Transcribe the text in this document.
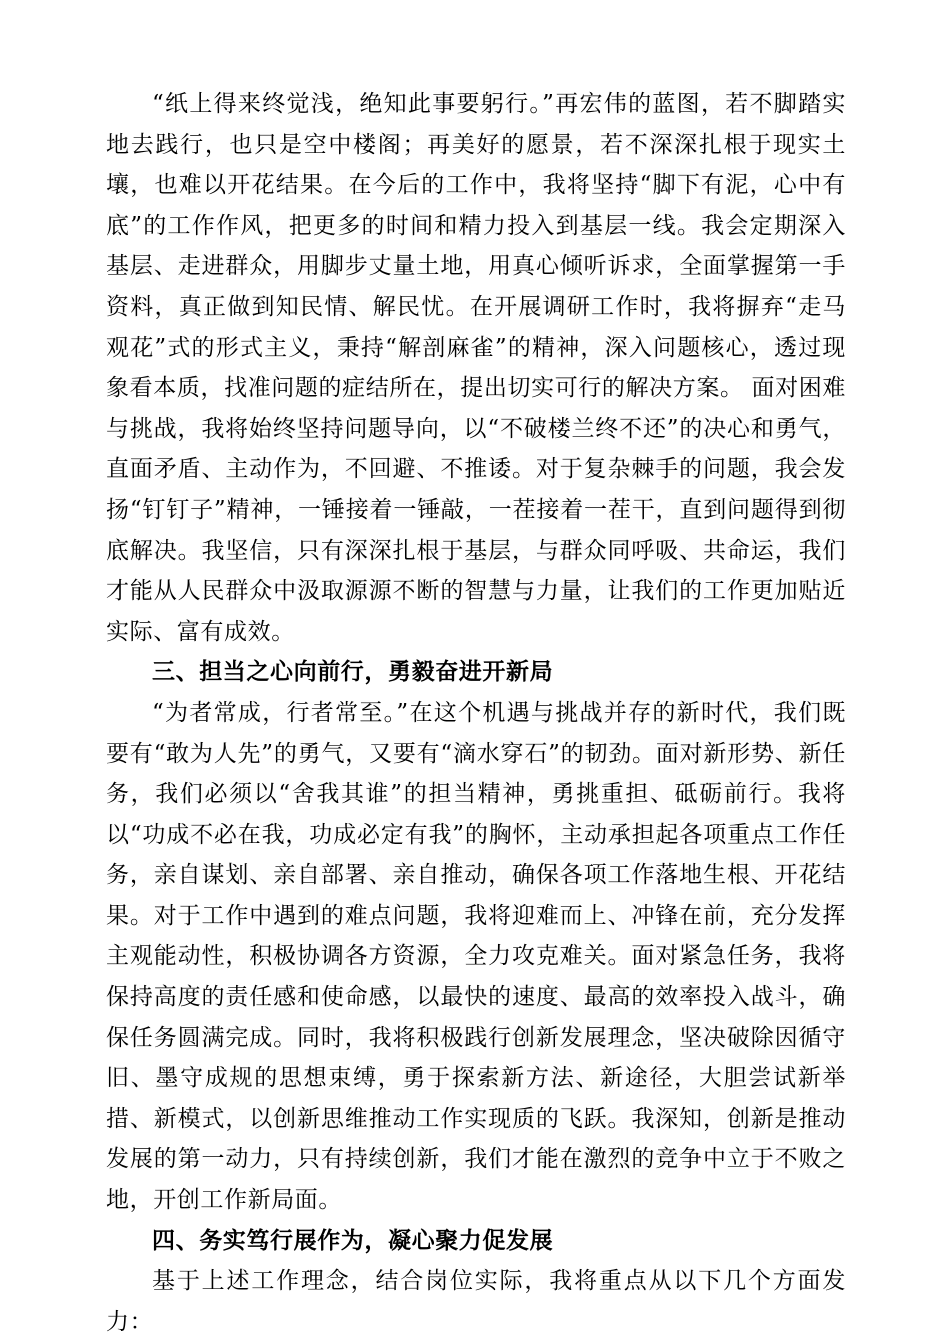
“纸上得来终觉浅，绝知此事要躬行。”再宏伟的蓝图，若不脚踏实地去践行，也只是空中楼阁；再美好的愿景，若不深深扎根于现实土壤，也难以开花结果。在今后的工作中，我将坚持“脚下有泥，心中有底”的工作作风，把更多的时间和精力投入到基层一线。我会定期深入基层、走进群众，用脚步丈量土地，用真心倾听诉求，全面掌握第一手资料，真正做到知民情、解民忧。在开展调研工作时，我将摒弃“走马观花”式的形式主义，秉持“解剖麻雀”的精神，深入问题核心，透过现象看本质，找准问题的症结所在，提出切实可行的解决方案。 面对困难与挑战，我将始终坚持问题导向，以“不破楼兰终不还”的决心和勇气，直面矛盾、主动作为，不回避、不推诿。对于复杂棘手的问题，我会发扬“钉钉子”精神，一锤接着一锤敲，一茬接着一茬干，直到问题得到彻底解决。我坚信，只有深深扎根于基层，与群众同呼吸、共命运，我们才能从人民群众中汲取源源不断的智慧与力量，让我们的工作更加贴近实际、富有成效。

三、担当之心向前行，勇毅奋进开新局

“为者常成，行者常至。”在这个机遇与挑战并存的新时代，我们既要有“敢为人先”的勇气，又要有“滴水穿石”的韧劲。面对新形势、新任务，我们必须以“舍我其谁”的担当精神，勇挑重担、砥砺前行。我将以“功成不必在我，功成必定有我”的胸怀，主动承担起各项重点工作任务，亲自谋划、亲自部署、亲自推动，确保各项工作落地生根、开花结果。对于工作中遇到的难点问题，我将迎难而上、冲锋在前，充分发挥主观能动性，积极协调各方资源，全力攻克难关。面对紧急任务，我将保持高度的责任感和使命感，以最快的速度、最高的效率投入战斗，确保任务圆满完成。同时，我将积极践行创新发展理念，坚决破除因循守旧、墨守成规的思想束缚，勇于探索新方法、新途径，大胆尝试新举措、新模式，以创新思维推动工作实现质的飞跃。我深知，创新是推动发展的第一动力，只有持续创新，我们才能在激烈的竞争中立于不败之地，开创工作新局面。

四、务实笃行展作为，凝心聚力促发展

基于上述工作理念，结合岗位实际，我将重点从以下几个方面发力：
